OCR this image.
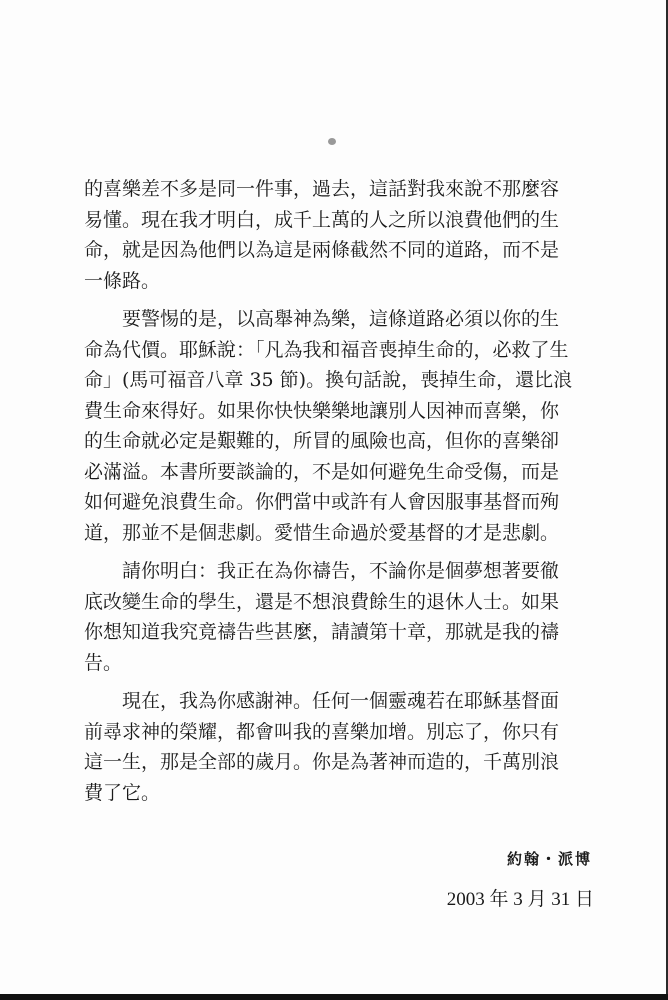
的喜樂差不多是同一件事，過去，這話對我來說不那麼容
易懂。現在我才明白，成千上萬的人之所以浪費他們的生
命，就是因為他們以為這是兩條截然不同的道路，而不是
一條路。
要警惕的是，以高舉神為樂，這條道路必須以你的生
命為代價。耶穌說：「凡為我和福音喪掉生命的，必救了生
命」(馬可福音八章 35 節)。換句話說，喪掉生命，還比浪
費生命來得好。如果你快快樂樂地讓別人因神而喜樂，你
的生命就必定是艱難的，所冒的風險也高，但你的喜樂卻
必滿溢。本書所要談論的，不是如何避免生命受傷，而是
如何避免浪費生命。你們當中或許有人會因服事基督而殉
道，那並不是個悲劇。愛惜生命過於愛基督的才是悲劇。
請你明白：我正在為你禱告，不論你是個夢想著要徹
底改變生命的學生，還是不想浪費餘生的退休人士。如果
你想知道我究竟禱告些甚麼，請讀第十章，那就是我的禱
告。
現在，我為你感謝神。任何一個靈魂若在耶穌基督面
前尋求神的榮耀，都會叫我的喜樂加增。別忘了，你只有
這一生，那是全部的歲月。你是為著神而造的，千萬別浪
費了它。
約翰・派博
2003 年 3 月 31 日
